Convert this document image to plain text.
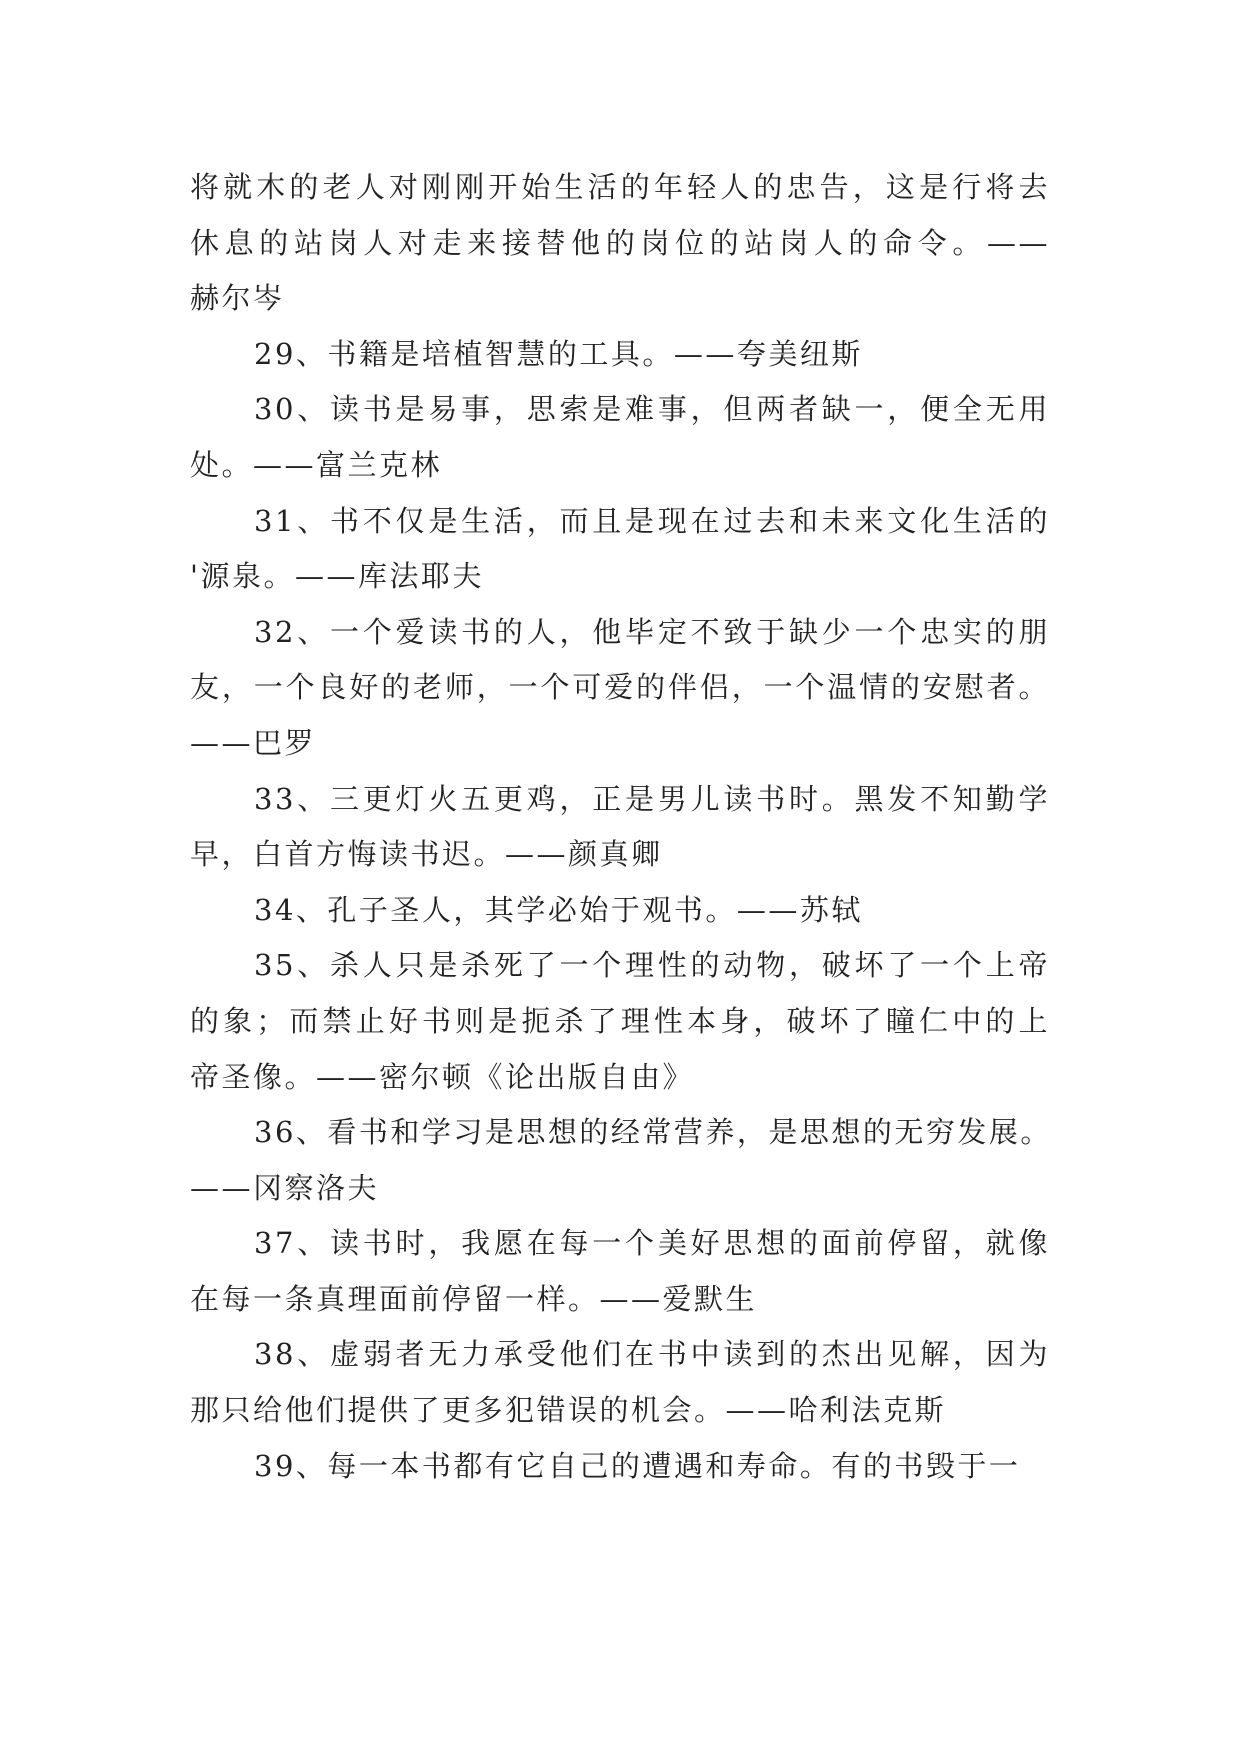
将就木的老人对刚刚开始生活的年轻人的忠告，这是行将去
休息的站岗人对走来接替他的岗位的站岗人的命令。——
赫尔岑
29、书籍是培植智慧的工具。——夸美纽斯
30、读书是易事，思索是难事，但两者缺一，便全无用
处。——富兰克林
31、书不仅是生活，而且是现在过去和未来文化生活的
'源泉。——库法耶夫
32、一个爱读书的人，他毕定不致于缺少一个忠实的朋
友，一个良好的老师，一个可爱的伴侣，一个温情的安慰者。
——巴罗
33、三更灯火五更鸡，正是男儿读书时。黑发不知勤学
早，白首方悔读书迟。——颜真卿
34、孔子圣人，其学必始于观书。——苏轼
35、杀人只是杀死了一个理性的动物，破坏了一个上帝
的象；而禁止好书则是扼杀了理性本身，破坏了瞳仁中的上
帝圣像。——密尔顿《论出版自由》
36、看书和学习是思想的经常营养，是思想的无穷发展。
——冈察洛夫
37、读书时，我愿在每一个美好思想的面前停留，就像
在每一条真理面前停留一样。——爱默生
38、虚弱者无力承受他们在书中读到的杰出见解，因为
那只给他们提供了更多犯错误的机会。——哈利法克斯
39、每一本书都有它自己的遭遇和寿命。有的书毁于一
